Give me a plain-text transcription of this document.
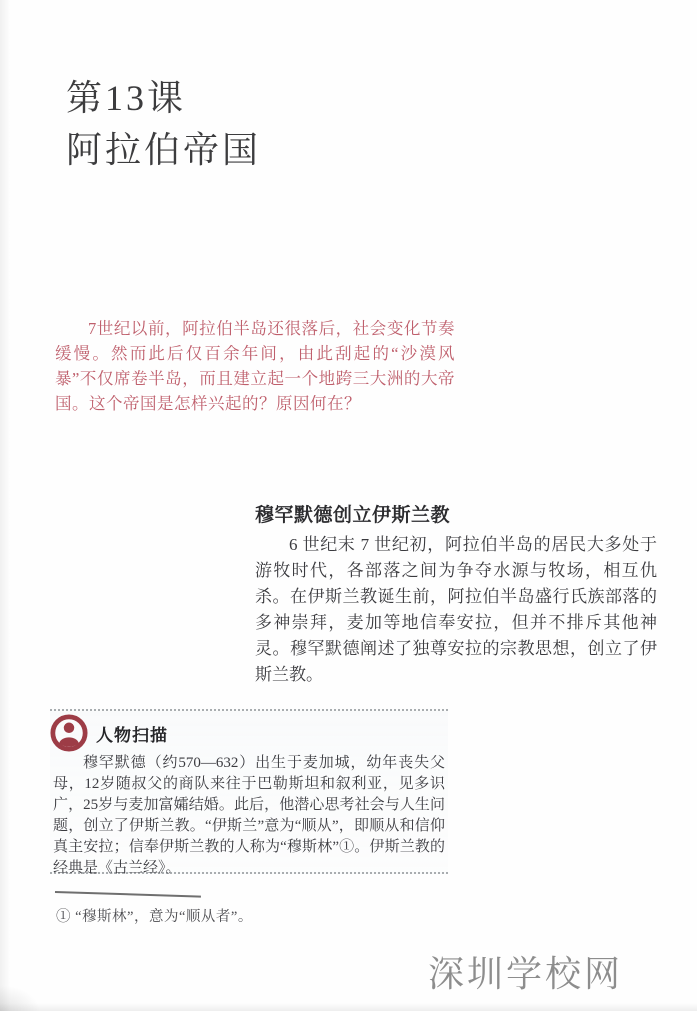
第13课
阿拉伯帝国
7世纪以前，阿拉伯半岛还很落后，社会变化节奏缓慢。然而此后仅百余年间，由此刮起的“沙漠风暴”不仅席卷半岛，而且建立起一个地跨三大洲的大帝国。这个帝国是怎样兴起的？原因何在？
穆罕默德创立伊斯兰教
6 世纪末 7 世纪初，阿拉伯半岛的居民大多处于游牧时代，各部落之间为争夺水源与牧场，相互仇杀。在伊斯兰教诞生前，阿拉伯半岛盛行氏族部落的多神崇拜，麦加等地信奉安拉，但并不排斥其他神灵。穆罕默德阐述了独尊安拉的宗教思想，创立了伊斯兰教。
人物扫描
穆罕默德（约570—632）出生于麦加城，幼年丧失父母，12岁随叔父的商队来往于巴勒斯坦和叙利亚，见多识广，25岁与麦加富孀结婚。此后，他潜心思考社会与人生问题，创立了伊斯兰教。“伊斯兰”意为“顺从”，即顺从和信仰真主安拉；信奉伊斯兰教的人称为“穆斯林”①。伊斯兰教的经典是《古兰经》。
① “穆斯林”，意为“顺从者”。
深圳学校网
